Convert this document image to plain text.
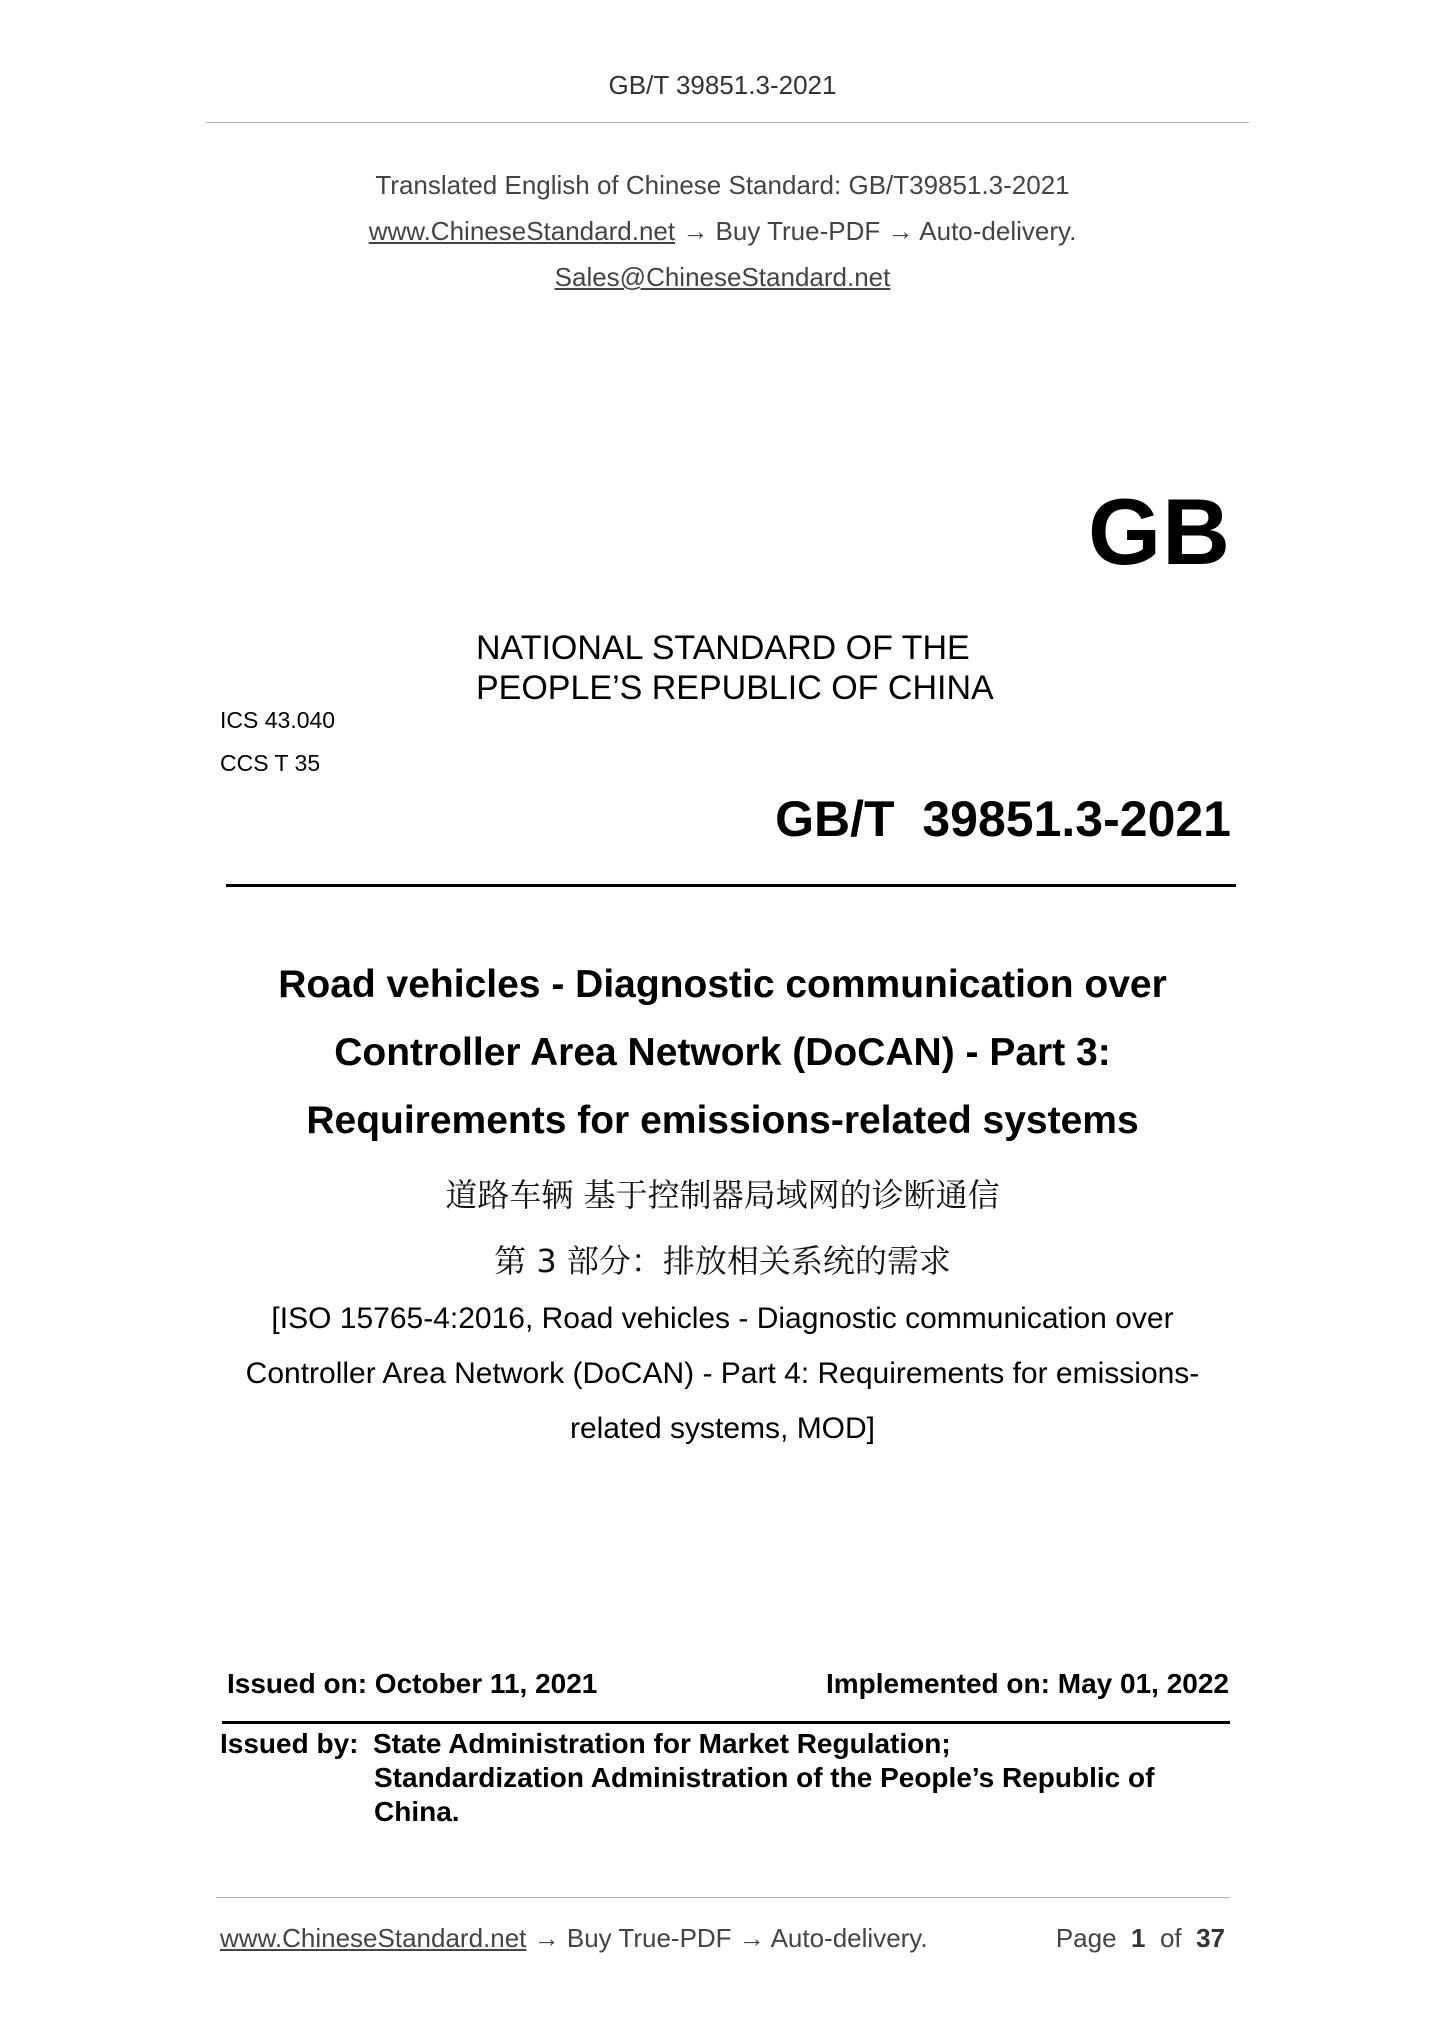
GB/T 39851.3-2021
Translated English of Chinese Standard: GB/T39851.3-2021
www.ChineseStandard.net → Buy True-PDF → Auto-delivery.
Sales@ChineseStandard.net
GB
NATIONAL STANDARD OF THE
PEOPLE’S REPUBLIC OF CHINA
ICS 43.040
CCS T 35
GB/T  39851.3-2021
Road vehicles - Diagnostic communication over
Controller Area Network (DoCAN) - Part 3:
Requirements for emissions-related systems
道路车辆 基于控制器局域网的诊断通信
第 3 部分：排放相关系统的需求
[ISO 15765-4:2016, Road vehicles - Diagnostic communication over
Controller Area Network (DoCAN) - Part 4: Requirements for emissions-
related systems, MOD]
Issued on: October 11, 2021	Implemented on: May 01, 2022
Issued by: State Administration for Market Regulation;
Standardization Administration of the People’s Republic of
China.
www.ChineseStandard.net → Buy True-PDF → Auto-delivery.	Page 1 of 37
